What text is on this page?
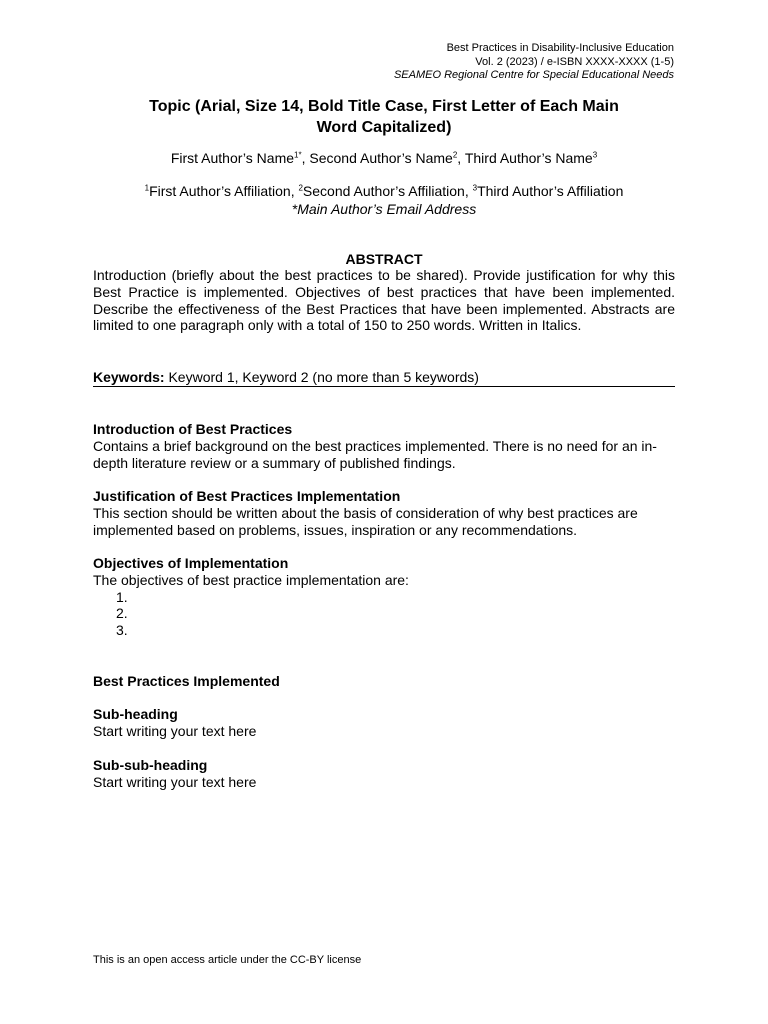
Best Practices in Disability-Inclusive Education
Vol. 2 (2023) / e-ISBN XXXX-XXXX (1-5)
SEAMEO Regional Centre for Special Educational Needs
Topic (Arial, Size 14, Bold Title Case, First Letter of Each Main
Word Capitalized)
First Author’s Name$^{1*}$, Second Author’s Name$^2$, Third Author’s Name$^3$
$^1$First Author’s Affiliation, $^2$Second Author’s Affiliation, $^3$Third Author’s Affiliation
*Main Author’s Email Address
ABSTRACT
Introduction (briefly about the best practices to be shared). Provide justification for why this Best Practice is implemented. Objectives of best practices that have been implemented. Describe the effectiveness of the Best Practices that have been implemented. Abstracts are limited to one paragraph only with a total of 150 to 250 words. Written in Italics.
Keywords: Keyword 1, Keyword 2 (no more than 5 keywords)
Introduction of Best Practices
Contains a brief background on the best practices implemented. There is no need for an in-depth literature review or a summary of published findings.
Justification of Best Practices Implementation
This section should be written about the basis of consideration of why best practices are implemented based on problems, issues, inspiration or any recommendations.
Objectives of Implementation
The objectives of best practice implementation are:
1.
2.
3.
Best Practices Implemented
Sub-heading
Start writing your text here
Sub-sub-heading
Start writing your text here
This is an open access article under the CC-BY license
